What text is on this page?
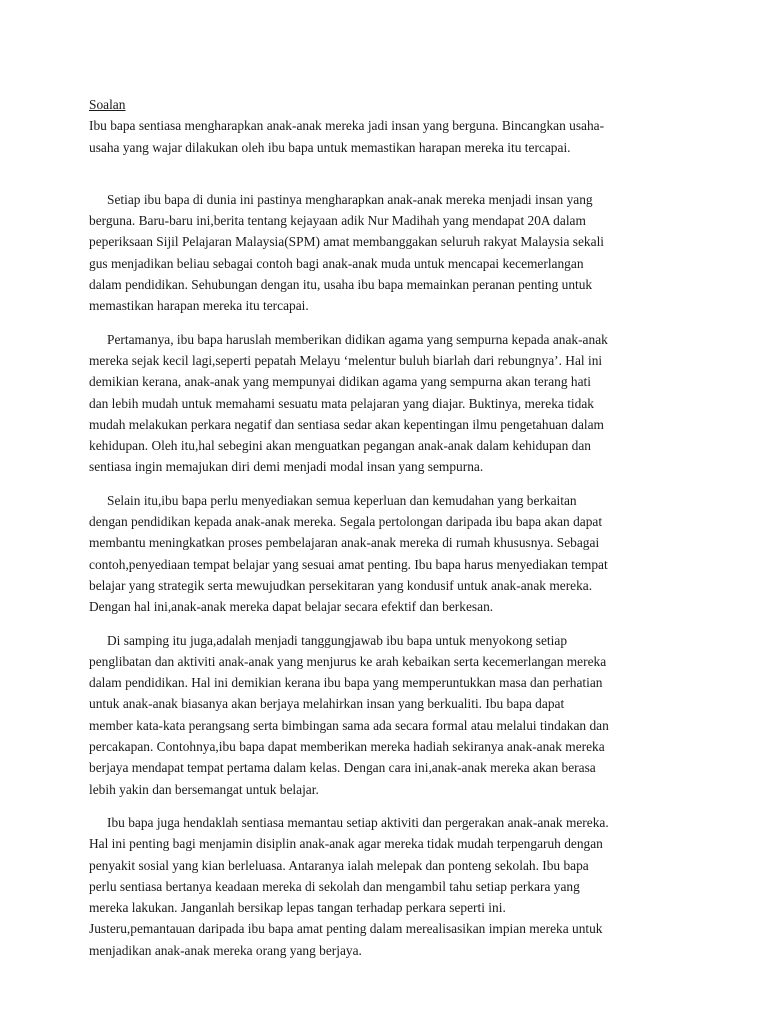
Soalan

Ibu bapa sentiasa mengharapkan anak-anak mereka jadi insan yang berguna. Bincangkan usaha-
usaha yang wajar dilakukan oleh ibu bapa untuk memastikan harapan mereka itu tercapai.

Setiap ibu bapa di dunia ini pastinya mengharapkan anak-anak mereka menjadi insan yang
berguna. Baru-baru ini,berita tentang kejayaan adik Nur Madihah yang mendapat 20A dalam
peperiksaan Sijil Pelajaran Malaysia(SPM) amat membanggakan seluruh rakyat Malaysia sekali
gus menjadikan beliau sebagai contoh bagi anak-anak muda untuk mencapai kecemerlangan
dalam pendidikan. Sehubungan dengan itu, usaha ibu bapa memainkan peranan penting untuk
memastikan harapan mereka itu tercapai.

Pertamanya, ibu bapa haruslah memberikan didikan agama yang sempurna kepada anak-anak
mereka sejak kecil lagi,seperti pepatah Melayu ‘melentur buluh biarlah dari rebungnya’. Hal ini
demikian kerana, anak-anak yang mempunyai didikan agama yang sempurna akan terang hati
dan lebih mudah untuk memahami sesuatu mata pelajaran yang diajar. Buktinya, mereka tidak
mudah melakukan perkara negatif dan sentiasa sedar akan kepentingan ilmu pengetahuan dalam
kehidupan. Oleh itu,hal sebegini akan menguatkan pegangan anak-anak dalam kehidupan dan
sentiasa ingin memajukan diri demi menjadi modal insan yang sempurna.

Selain itu,ibu bapa perlu menyediakan semua keperluan dan kemudahan yang berkaitan
dengan pendidikan kepada anak-anak mereka. Segala pertolongan daripada ibu bapa akan dapat
membantu meningkatkan proses pembelajaran anak-anak mereka di rumah khususnya. Sebagai
contoh,penyediaan tempat belajar yang sesuai amat penting. Ibu bapa harus menyediakan tempat
belajar yang strategik serta mewujudkan persekitaran yang kondusif untuk anak-anak mereka.
Dengan hal ini,anak-anak mereka dapat belajar secara efektif dan berkesan.

Di samping itu juga,adalah menjadi tanggungjawab ibu bapa untuk menyokong setiap
penglibatan dan aktiviti anak-anak yang menjurus ke arah kebaikan serta kecemerlangan mereka
dalam pendidikan. Hal ini demikian kerana ibu bapa yang memperuntukkan masa dan perhatian
untuk anak-anak biasanya akan berjaya melahirkan insan yang berkualiti. Ibu bapa dapat
member kata-kata perangsang serta bimbingan sama ada secara formal atau melalui tindakan dan
percakapan. Contohnya,ibu bapa dapat memberikan mereka hadiah sekiranya anak-anak mereka
berjaya mendapat tempat pertama dalam kelas. Dengan cara ini,anak-anak mereka akan berasa
lebih yakin dan bersemangat untuk belajar.

Ibu bapa juga hendaklah sentiasa memantau setiap aktiviti dan pergerakan anak-anak mereka.
Hal ini penting bagi menjamin disiplin anak-anak agar mereka tidak mudah terpengaruh dengan
penyakit sosial yang kian berleluasa. Antaranya ialah melepak dan ponteng sekolah. Ibu bapa
perlu sentiasa bertanya keadaan mereka di sekolah dan mengambil tahu setiap perkara yang
mereka lakukan. Janganlah bersikap lepas tangan terhadap perkara seperti ini.
Justeru,pemantauan daripada ibu bapa amat penting dalam merealisasikan impian mereka untuk
menjadikan anak-anak mereka orang yang berjaya.
